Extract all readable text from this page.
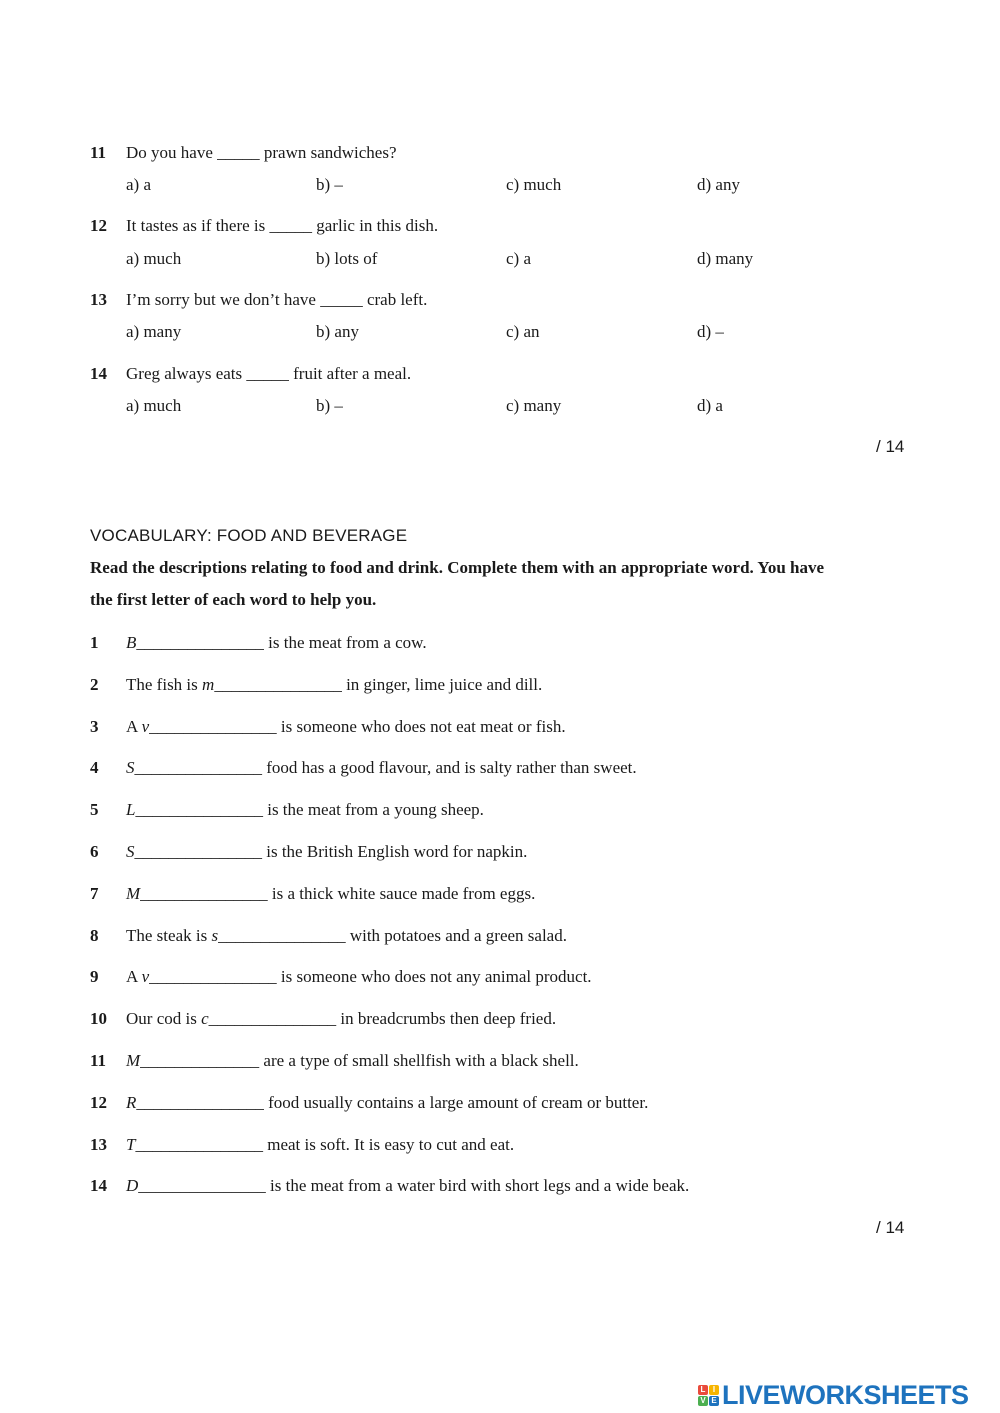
11 Do you have _____ prawn sandwiches?
a) a	b) –	c) much	d) any
12 It tastes as if there is _____ garlic in this dish.
a) much	b) lots of	c) a	d) many
13 I’m sorry but we don’t have _____ crab left.
a) many	b) any	c) an	d) –
14 Greg always eats _____ fruit after a meal.
a) much	b) –	c) many	d) a
/ 14
VOCABULARY: FOOD AND BEVERAGE
Read the descriptions relating to food and drink. Complete them with an appropriate word. You have
the first letter of each word to help you.
1 B_______________ is the meat from a cow.
2 The fish is m_______________ in ginger, lime juice and dill.
3 A v_______________ is someone who does not eat meat or fish.
4 S_______________ food has a good flavour, and is salty rather than sweet.
5 L_______________ is the meat from a young sheep.
6 S_______________ is the British English word for napkin.
7 M_______________ is a thick white sauce made from eggs.
8 The steak is s_______________ with potatoes and a green salad.
9 A v_______________ is someone who does not any animal product.
10 Our cod is c_______________ in breadcrumbs then deep fried.
11 M______________ are a type of small shellfish with a black shell.
12 R_______________ food usually contains a large amount of cream or butter.
13 T_______________ meat is soft. It is easy to cut and eat.
14 D_______________ is the meat from a water bird with short legs and a wide beak.
/ 14
L I
V E LIVEWORKSHEETS
